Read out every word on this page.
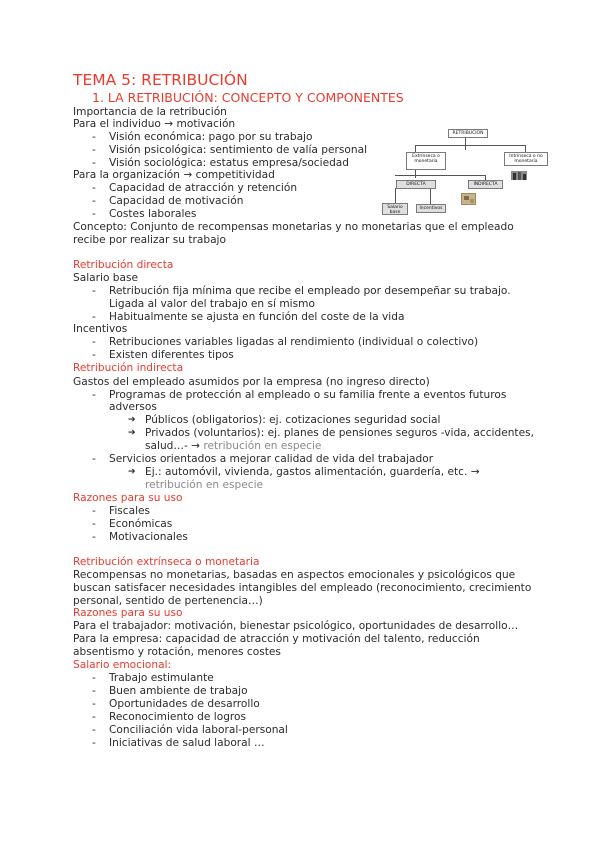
TEMA 5: RETRIBUCIÓN
1. LA RETRIBUCIÓN: CONCEPTO Y COMPONENTES
Importancia de la retribución
Para el individuo → motivación
- Visión económica: pago por su trabajo
- Visión psicológica: sentimiento de valía personal
- Visión sociológica: estatus empresa/sociedad
Para la organización → competitividad
- Capacidad de atracción y retención
- Capacidad de motivación
- Costes laborales
Concepto: Conjunto de recompensas monetarias y no monetarias que el empleado
recibe por realizar su trabajo
RETRIBUCIÓN
Extrínseca o monetaria
Intrínseca o no monetaria
DIRECTA	INDIRECTA
Salario base
Incentivos
Retribución directa
Salario base
- Retribución fija mínima que recibe el empleado por desempeñar su trabajo.
Ligada al valor del trabajo en sí mismo
- Habitualmente se ajusta en función del coste de la vida
Incentivos
- Retribuciones variables ligadas al rendimiento (individual o colectivo)
- Existen diferentes tipos
Retribución indirecta
Gastos del empleado asumidos por la empresa (no ingreso directo)
- Programas de protección al empleado o su familia frente a eventos futuros
adversos
➔ Públicos (obligatorios): ej. cotizaciones seguridad social
➔ Privados (voluntarios): ej. planes de pensiones seguros -vida, accidentes,
salud…- → retribución en especie
- Servicios orientados a mejorar calidad de vida del trabajador
➔ Ej.: automóvil, vivienda, gastos alimentación, guardería, etc. →
retribución en especie
Razones para su uso
- Fiscales
- Económicas
- Motivacionales
Retribución extrínseca o monetaria
Recompensas no monetarias, basadas en aspectos emocionales y psicológicos que
buscan satisfacer necesidades intangibles del empleado (reconocimiento, crecimiento
personal, sentido de pertenencia…)
Razones para su uso
Para el trabajador: motivación, bienestar psicológico, oportunidades de desarrollo…
Para la empresa: capacidad de atracción y motivación del talento, reducción
absentismo y rotación, menores costes
Salario emocional:
- Trabajo estimulante
- Buen ambiente de trabajo
- Oportunidades de desarrollo
- Reconocimiento de logros
- Conciliación vida laboral-personal
- Iniciativas de salud laboral …
